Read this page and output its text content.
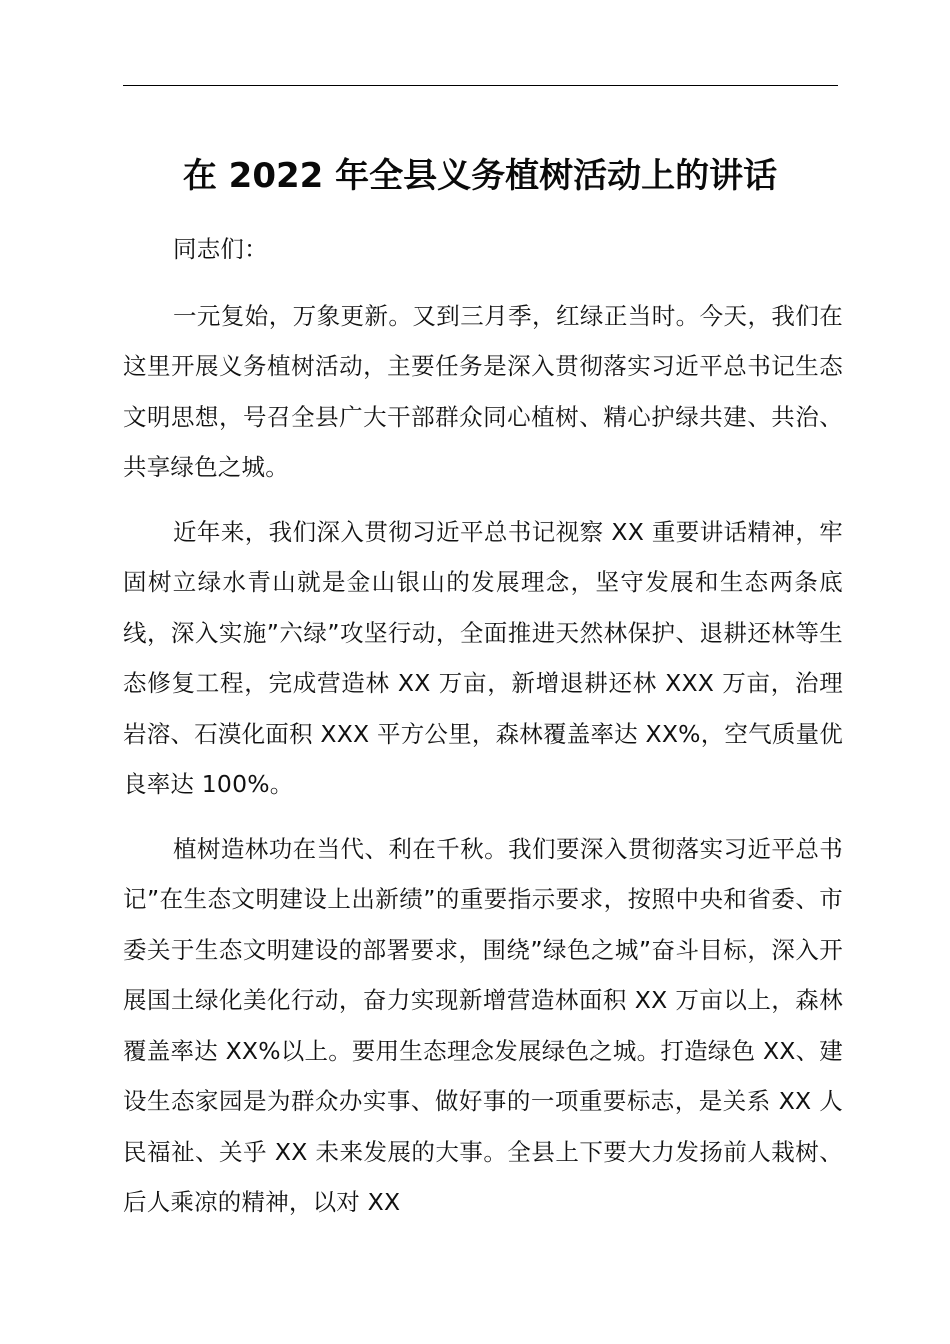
在 2022 年全县义务植树活动上的讲话

同志们：

一元复始，万象更新。又到三月季，红绿正当时。今天，我们在这里开展义务植树活动，主要任务是深入贯彻落实习近平总书记生态文明思想，号召全县广大干部群众同心植树、精心护绿共建、共治、共享绿色之城。

近年来，我们深入贯彻习近平总书记视察 XX 重要讲话精神，牢固树立绿水青山就是金山银山的发展理念，坚守发展和生态两条底线，深入实施”六绿”攻坚行动，全面推进天然林保护、退耕还林等生态修复工程，完成营造林 XX 万亩，新增退耕还林 XXX 万亩，治理岩溶、石漠化面积 XXX 平方公里，森林覆盖率达 XX%，空气质量优良率达 100%。

植树造林功在当代、利在千秋。我们要深入贯彻落实习近平总书记”在生态文明建设上出新绩”的重要指示要求，按照中央和省委、市委关于生态文明建设的部署要求，围绕”绿色之城”奋斗目标，深入开展国土绿化美化行动，奋力实现新增营造林面积 XX 万亩以上，森林覆盖率达 XX%以上。要用生态理念发展绿色之城。打造绿色 XX、建设生态家园是为群众办实事、做好事的一项重要标志，是关系 XX 人民福祉、关乎 XX 未来发展的大事。全县上下要大力发扬前人栽树、后人乘凉的精神，以对 XX
